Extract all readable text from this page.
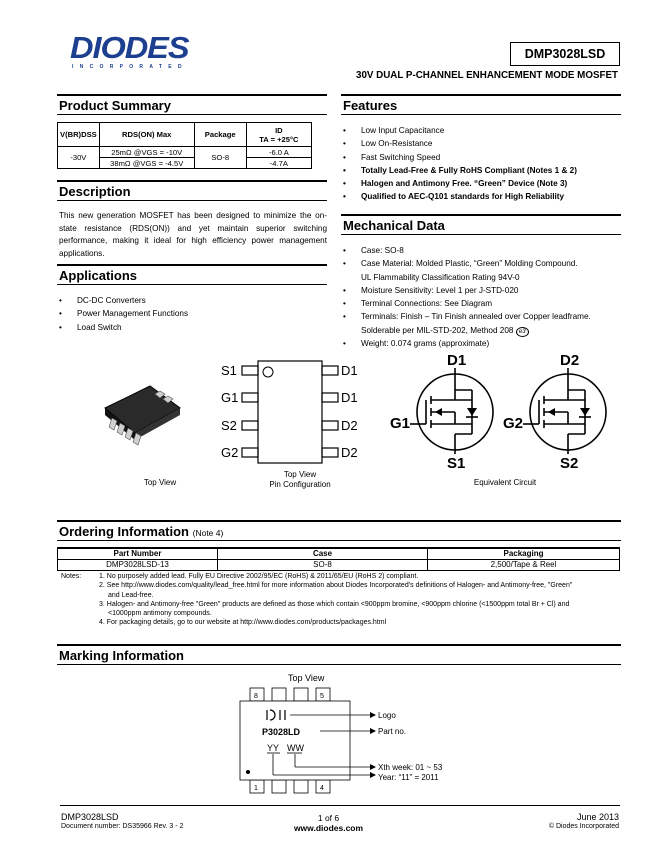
DIODES
INCORPORATED
DMP3028LSD
30V DUAL P-CHANNEL ENHANCEMENT MODE MOSFET
Product Summary
V(BR)DSS	RDS(ON) Max	Package	ID
TA = +25°C

-30V	25mΩ @VGS = -10V	SO-8	-6.0 A
	38mΩ @VGS = -4.5V		-4.7A
Description

This new generation MOSFET has been designed to minimize the on-state resistance (RDS(ON)) and yet maintain superior switching performance, making it ideal for high efficiency power management applications.

Applications
• DC-DC Converters
• Power Management Functions
• Load Switch
Features
• Low Input Capacitance
• Low On-Resistance
• Fast Switching Speed
• Totally Lead-Free & Fully RoHS Compliant (Notes 1 & 2)
• Halogen and Antimony Free. “Green” Device (Note 3)
• Qualified to AEC-Q101 standards for High Reliability
Mechanical Data
• Case: SO-8
• Case Material: Molded Plastic, “Green” Molding Compound.
UL Flammability Classification Rating 94V-0
• Moisture Sensitivity: Level 1 per J-STD-020
• Terminal Connections: See Diagram
• Terminals: Finish – Tin Finish annealed over Copper leadframe.
Solderable per MIL-STD-202, Method 208 e3
• Weight: 0.074 grams (approximate)
Top View
S1
G1
S2
G2
D1
D1
D2
D2
Top View
Pin Configuration
D1	D2
G1	G2
S1	S2
Equivalent Circuit
Ordering Information (Note 4)
Part Number	Case	Packaging
DMP3028LSD-13	SO-8	2,500/Tape & Reel
Notes:	1. No purposely added lead. Fully EU Directive 2002/95/EC (RoHS) & 2011/65/EU (RoHS 2) compliant.
2. See http://www.diodes.com/quality/lead_free.html for more information about Diodes Incorporated’s definitions of Halogen- and Antimony-free, "Green"
and Lead-free.
3. Halogen- and Antimony-free "Green" products are defined as those which contain <900ppm bromine, <900ppm chlorine (<1500ppm total Br + Cl) and
<1000ppm antimony compounds.
4. For packaging details, go to our website at http://www.diodes.com/products/packages.html
Marking Information
Top View
8	5
1	4
P3028LD
YY WW
Logo
Part no.
Xth week: 01 ~ 53
Year: “11” = 2011
DMP3028LSD
Document number: DS35966 Rev. 3 - 2
1 of 6
www.diodes.com
June 2013
© Diodes Incorporated
